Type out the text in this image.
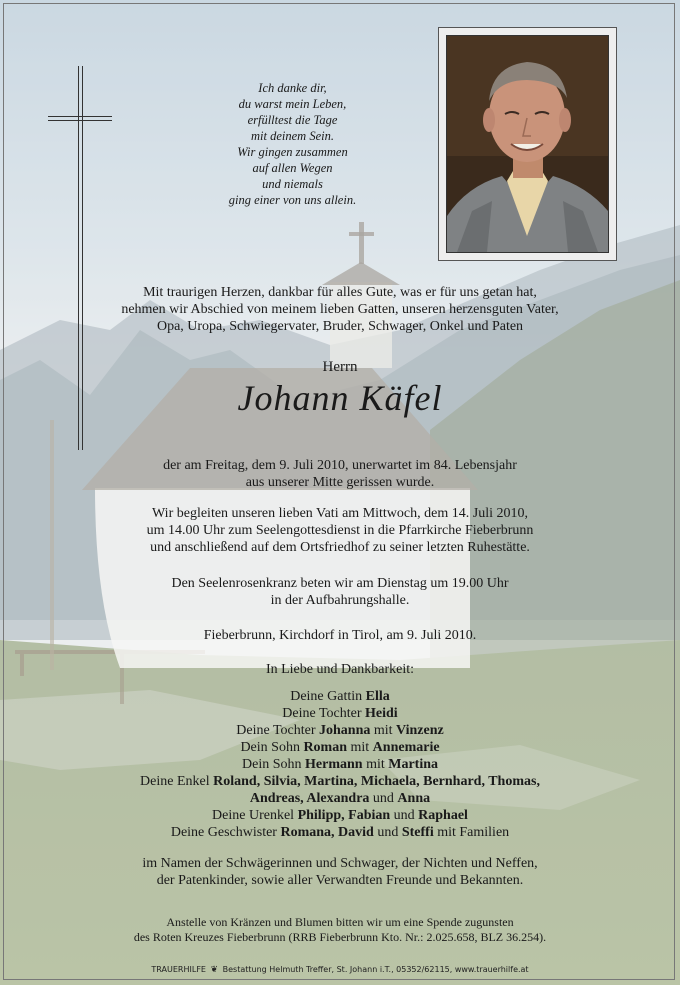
Ich danke dir,
du warst mein Leben,
erfülltest die Tage
mit deinem Sein.
Wir gingen zusammen
auf allen Wegen
und niemals
ging einer von uns allein.
Mit traurigen Herzen, dankbar für alles Gute, was er für uns getan hat,
nehmen wir Abschied von meinem lieben Gatten, unseren herzensguten Vater,
Opa, Uropa, Schwiegervater, Bruder, Schwager, Onkel und Paten
Herrn
Johann Käfel
der am Freitag, dem 9. Juli 2010, unerwartet im 84. Lebensjahr
aus unserer Mitte gerissen wurde.
Wir begleiten unseren lieben Vati am Mittwoch, dem 14. Juli 2010,
um 14.00 Uhr zum Seelengottesdienst in die Pfarrkirche Fieberbrunn
und anschließend auf dem Ortsfriedhof zu seiner letzten Ruhestätte.
Den Seelenrosenkranz beten wir am Dienstag um 19.00 Uhr
in der Aufbahrungshalle.
Fieberbrunn, Kirchdorf in Tirol, am 9. Juli 2010.
In Liebe und Dankbarkeit:
Deine Gattin Ella
Deine Tochter Heidi
Deine Tochter Johanna mit Vinzenz
Dein Sohn Roman mit Annemarie
Dein Sohn Hermann mit Martina
Deine Enkel Roland, Silvia, Martina, Michaela, Bernhard, Thomas,
Andreas, Alexandra und Anna
Deine Urenkel Philipp, Fabian und Raphael
Deine Geschwister Romana, David und Steffi mit Familien
im Namen der Schwägerinnen und Schwager, der Nichten und Neffen,
der Patenkinder, sowie aller Verwandten Freunde und Bekannten.
Anstelle von Kränzen und Blumen bitten wir um eine Spende zugunsten
des Roten Kreuzes Fieberbrunn (RRB Fieberbrunn Kto. Nr.: 2.025.658, BLZ 36.254).
TRAUERHILFE ❦ Bestattung Helmuth Treffer, St. Johann i.T., 05352/62115, www.trauerhilfe.at
